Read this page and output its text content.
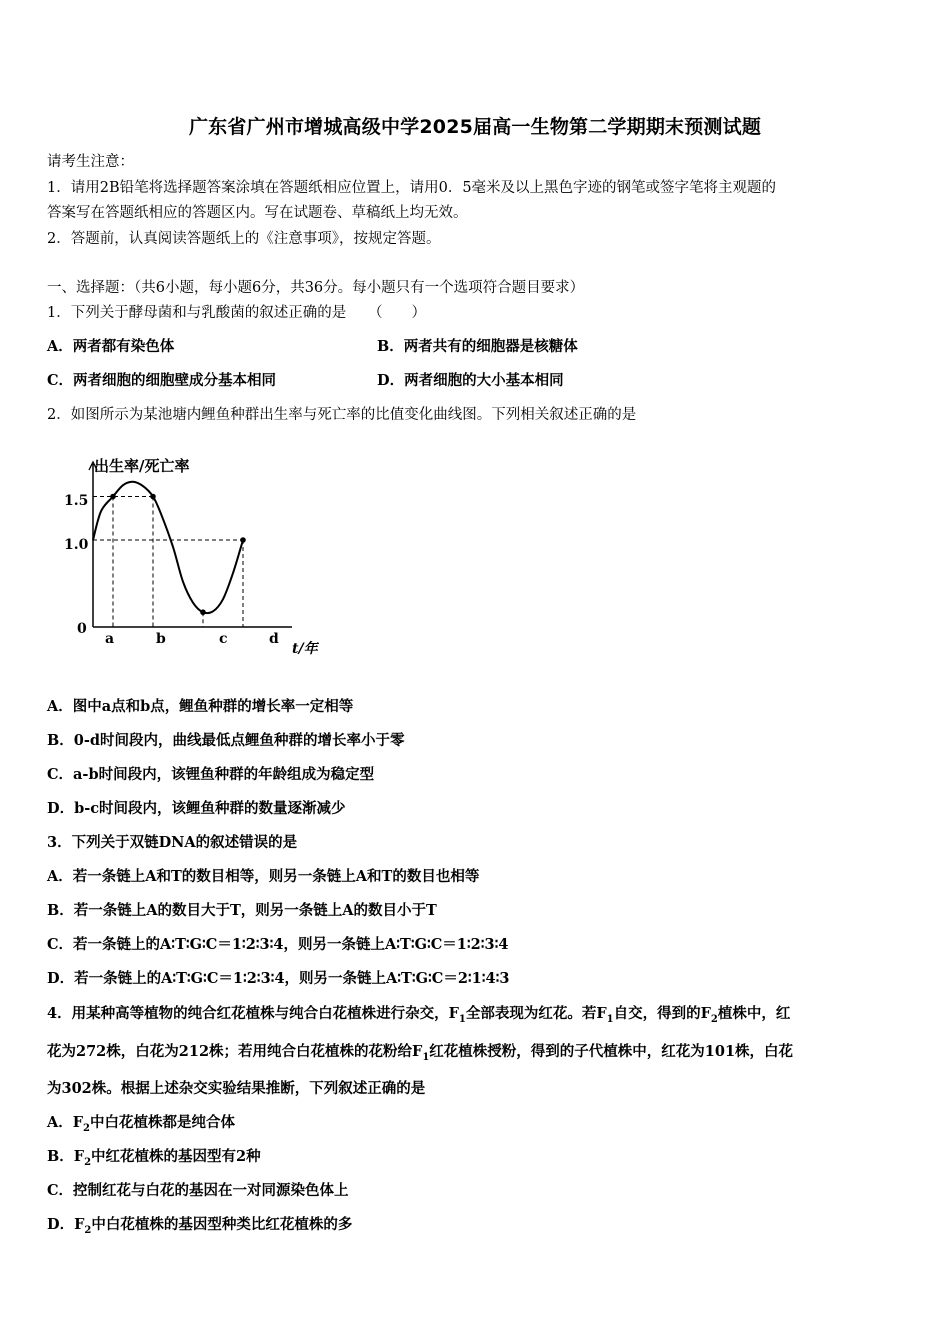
广东省广州市增城高级中学2025届高一生物第二学期期末预测试题
请考生注意：
1．请用2B铅笔将选择题答案涂填在答题纸相应位置上，请用0．5毫米及以上黑色字迹的钢笔或签字笔将主观题的
答案写在答题纸相应的答题区内。写在试题卷、草稿纸上均无效。
2．答题前，认真阅读答题纸上的《注意事项》，按规定答题。
一、选择题：（共6小题，每小题6分，共36分。每小题只有一个选项符合题目要求）
1．下列关于酵母菌和与乳酸菌的叙述正确的是　　（　　）
A．两者都有染色体	B．两者共有的细胞器是核糖体
C．两者细胞的细胞壁成分基本相同	D．两者细胞的大小基本相同
2．如图所示为某池塘内鲤鱼种群出生率与死亡率的比值变化曲线图。下列相关叙述正确的是
出生率/死亡率
t/年
0
1.5
1.0
a	b	c	d
A．图中a点和b点，鲤鱼种群的增长率一定相等
B．0-d时间段内，曲线最低点鲤鱼种群的增长率小于零
C．a-b时间段内，该锂鱼种群的年龄组成为稳定型
D．b-c时间段内，该鲤鱼种群的数量逐渐减少
3．下列关于双链DNA的叙述错误的是
A．若一条链上A和T的数目相等，则另一条链上A和T的数目也相等
B．若一条链上A的数目大于T，则另一条链上A的数目小于T
C．若一条链上的A∶T∶G∶C＝1∶2∶3∶4，则另一条链上A∶T∶G∶C＝1∶2∶3∶4
D．若一条链上的A∶T∶G∶C＝1∶2∶3∶4，则另一条链上A∶T∶G∶C＝2∶1∶4∶3
4．用某种高等植物的纯合红花植株与纯合白花植株进行杂交，$F_1$全部表现为红花。若$F_1$自交，得到的$F_2$植株中，红
花为272株，白花为212株；若用纯合白花植株的花粉给$F_1$红花植株授粉，得到的子代植株中，红花为101株，白花
为302株。根据上述杂交实验结果推断，下列叙述正确的是
A．$F_2$中白花植株都是纯合体
B．$F_2$中红花植株的基因型有2种
C．控制红花与白花的基因在一对同源染色体上
D．$F_2$中白花植株的基因型种类比红花植株的多
